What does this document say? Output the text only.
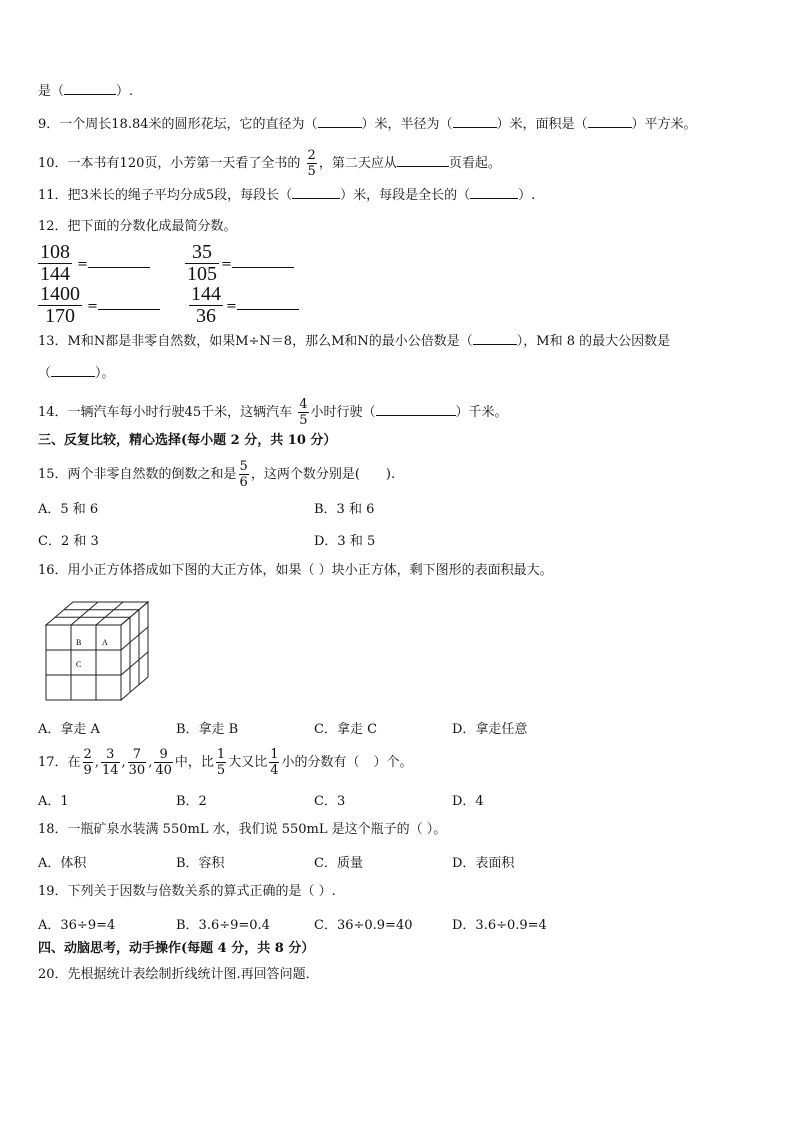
是（	）.
9．一个周长18.84米的圆形花坛，它的直径为（	）米，半径为（	）米，面积是（	）平方米。
10．一本书有120页，小芳第一天看了全书的 $\frac{2}{5}$ ，第二天应从	页看起。
11．把3米长的绳子平均分成5段，每段长（	）米，每段是全长的（	）.
12．把下面的分数化成最简分数。
108
144 =
35
105 =
1400
170 =
144
36 =
13．M和N都是非零自然数，如果M÷N＝8，那么M和N的最小公倍数是（	），M和 8 的最大公因数是
（	）。
14．一辆汽车每小时行驶45千米，这辆汽车 $\frac{4}{5}$ 小时行驶（	）千米。
三、反复比较，精心选择(每小题 2 分，共 10 分）
15．两个非零自然数的倒数之和是 $\frac{5}{6}$ ，这两个数分别是( ).
A．5 和 6	B．3 和 6
C．2 和 3	D．3 和 5
16．用小正方体搭成如下图的大正方体，如果（ ）块小正方体，剩下图形的表面积最大。
B	A
C
A．拿走 A	B．拿走 B	C．拿走 C	D．拿走任意
17．在 $\frac{2}{9}$ , $\frac{3}{14}$ , $\frac{7}{30}$ , $\frac{9}{40}$ 中，比 $\frac{1}{5}$ 大又比 $\frac{1}{4}$ 小的分数有（ ）个。
A．1	B．2	C．3	D．4
18．一瓶矿泉水装满 550mL 水，我们说 550mL 是这个瓶子的（ ）。
A．体积	B．容积	C．质量	D．表面积
19．下列关于因数与倍数关系的算式正确的是（ ）.
A．36÷9=4	B．3.6÷9=0.4	C．36÷0.9=40	D．3.6÷0.9=4
四、动脑思考，动手操作(每题 4 分，共 8 分）
20．先根据统计表绘制折线统计图.再回答问题．
